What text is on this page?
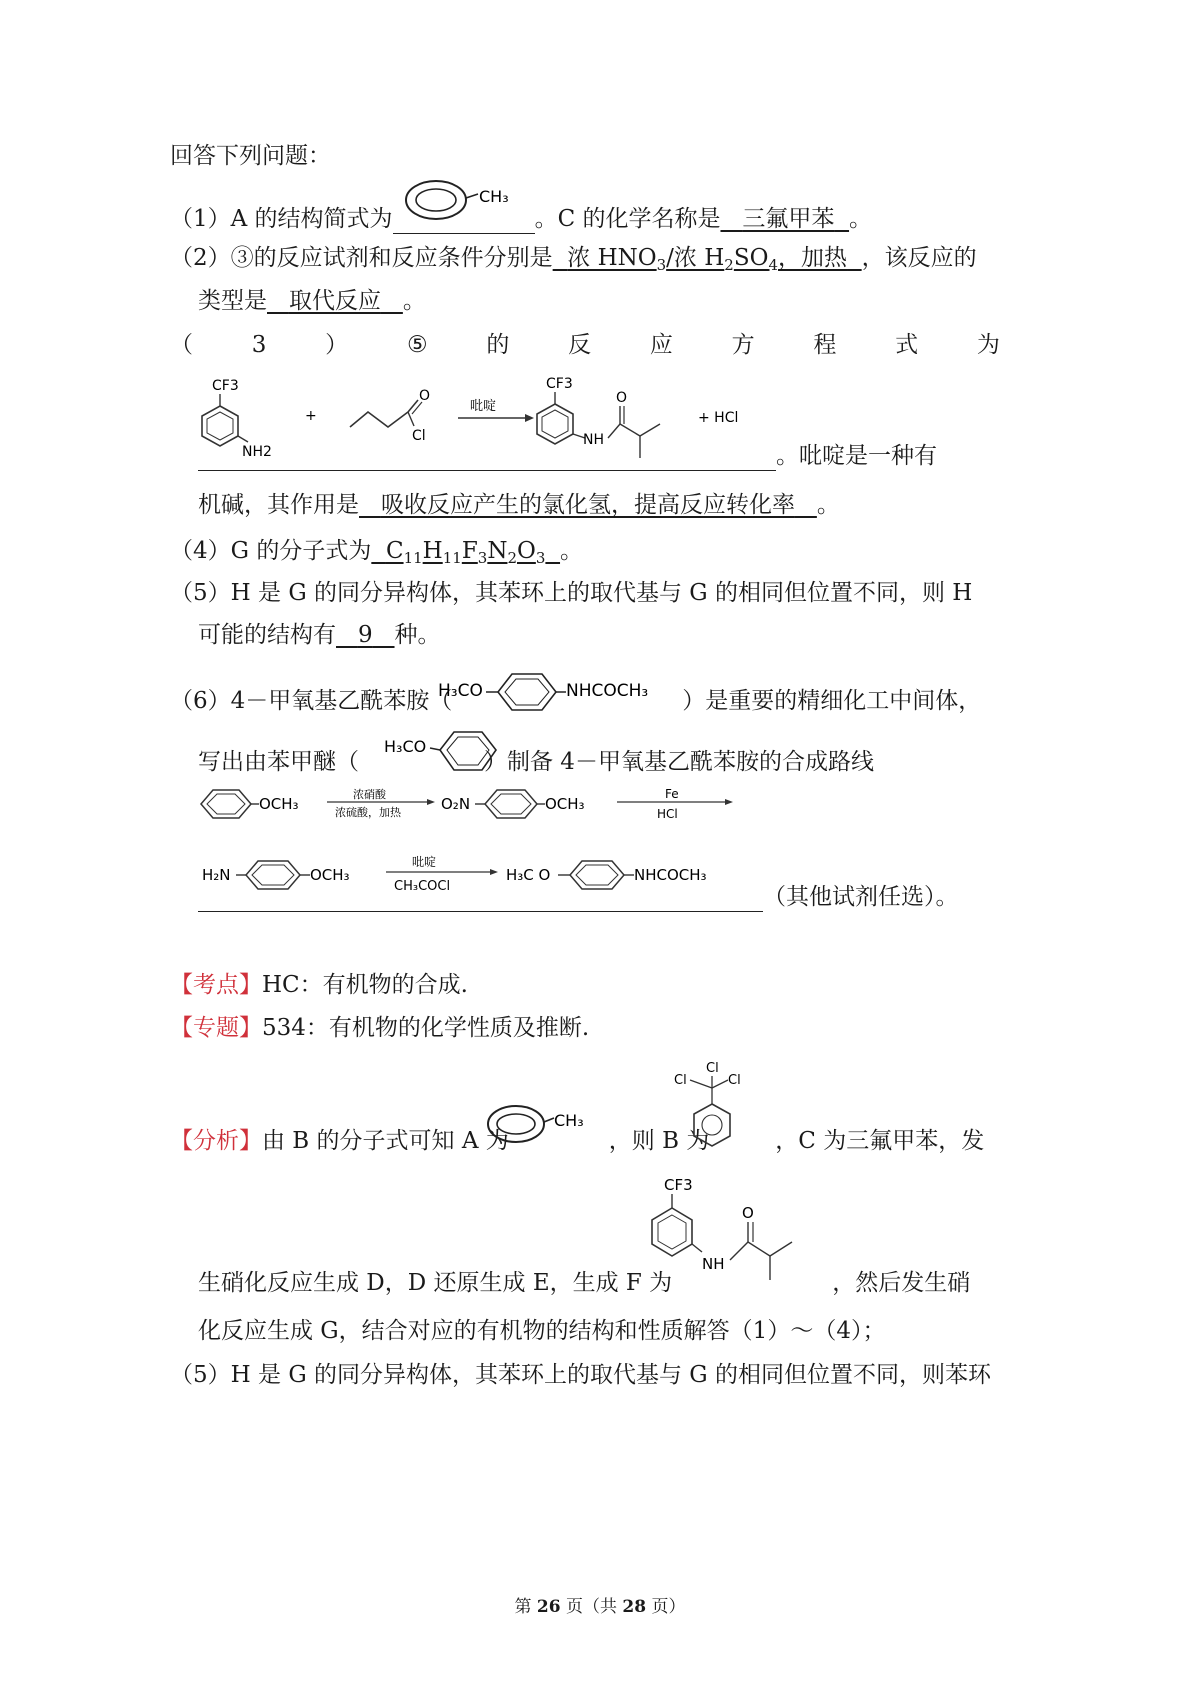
回答下列问题：
（1）A 的结构简式为	。C 的化学名称是 三氟甲苯 。
CH₃
（2）③的反应试剂和反应条件分别是 浓 $HNO_3/$浓 $H_2SO_4$，加热 ，该反应的
类型是 取代反应 。
（	3	）	⑤	的	反	应	方	程	式	为
CF3
NH2
+
O
Cl
吡啶
CF3
NH
O
+ HCl
。吡啶是一种有
机碱，其作用是 吸收反应产生的氯化氢，提高反应转化率 。
（4）G 的分子式为 $C_{11}H_{11}F_3N_2O_3$ 。
（5）H 是 G 的同分异构体，其苯环上的取代基与 G 的相同但位置不同，则 H
可能的结构有 9 种。
（6）4－甲氧基乙酰苯胺（	）是重要的精细化工中间体，
H₃CO	NHCOCH₃
写出由苯甲醚（	）制备 4－甲氧基乙酰苯胺的合成路线
H₃CO
OCH₃
浓硝酸
浓硫酸，加热	O₂N	OCH₃
Fe
HCl
H₂N	OCH₃
吡啶
CH₃COCl
H₃C O	NHCOCH₃
（其他试剂任选）。
【考点】HC：有机物的合成.
【专题】534：有机物的化学性质及推断.
【分析】由 B 的分子式可知 A 为	，则 B 为	，C 为三氟甲苯，发
CH₃
Cl
Cl	Cl
生硝化反应生成 D，D 还原生成 E，生成 F 为	，然后发生硝
CF3
NH
O
化反应生成 G，结合对应的有机物的结构和性质解答（1）～（4）；
（5）H 是 G 的同分异构体，其苯环上的取代基与 G 的相同但位置不同，则苯环
第 26 页（共 28 页）
